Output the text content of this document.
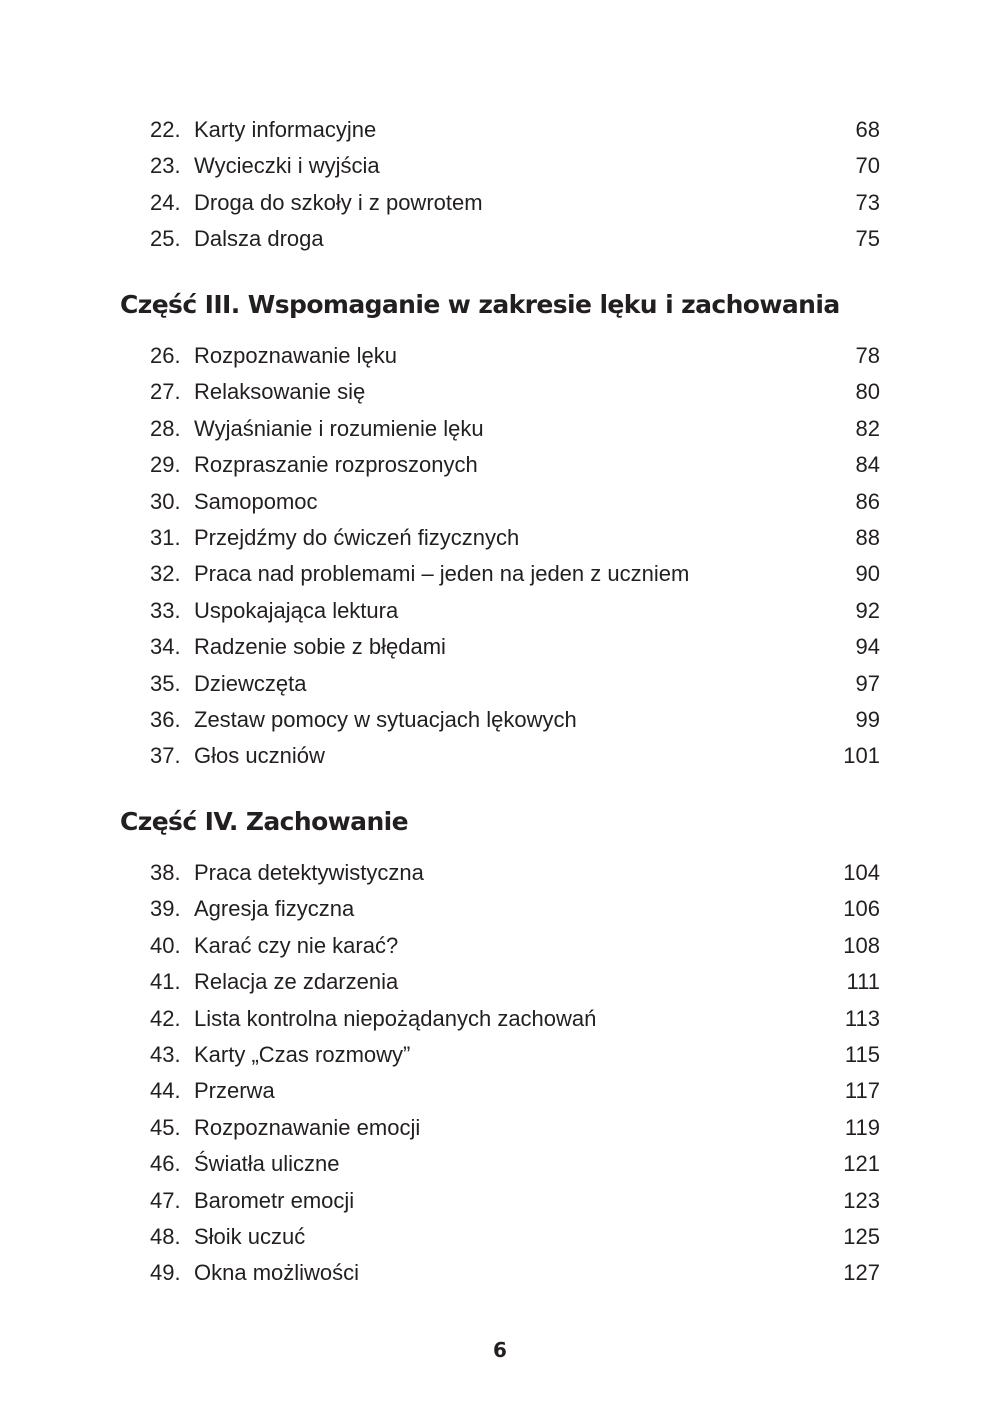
22. Karty informacyjne	68
23. Wycieczki i wyjścia	70
24. Droga do szkoły i z powrotem	73
25. Dalsza droga	75
Część III. Wspomaganie w zakresie lęku i zachowania
26. Rozpoznawanie lęku	78
27. Relaksowanie się	80
28. Wyjaśnianie i rozumienie lęku	82
29. Rozpraszanie rozproszonych	84
30. Samopomoc	86
31. Przejdźmy do ćwiczeń fizycznych	88
32. Praca nad problemami – jeden na jeden z uczniem	90
33. Uspokajająca lektura	92
34. Radzenie sobie z błędami	94
35. Dziewczęta	97
36. Zestaw pomocy w sytuacjach lękowych	99
37. Głos uczniów	101
Część IV. Zachowanie
38. Praca detektywistyczna	104
39. Agresja fizyczna	106
40. Karać czy nie karać?	108
41. Relacja ze zdarzenia	111
42. Lista kontrolna niepożądanych zachowań	113
43. Karty „Czas rozmowy”	115
44. Przerwa	117
45. Rozpoznawanie emocji	119
46. Światła uliczne	121
47. Barometr emocji	123
48. Słoik uczuć	125
49. Okna możliwości	127
6
